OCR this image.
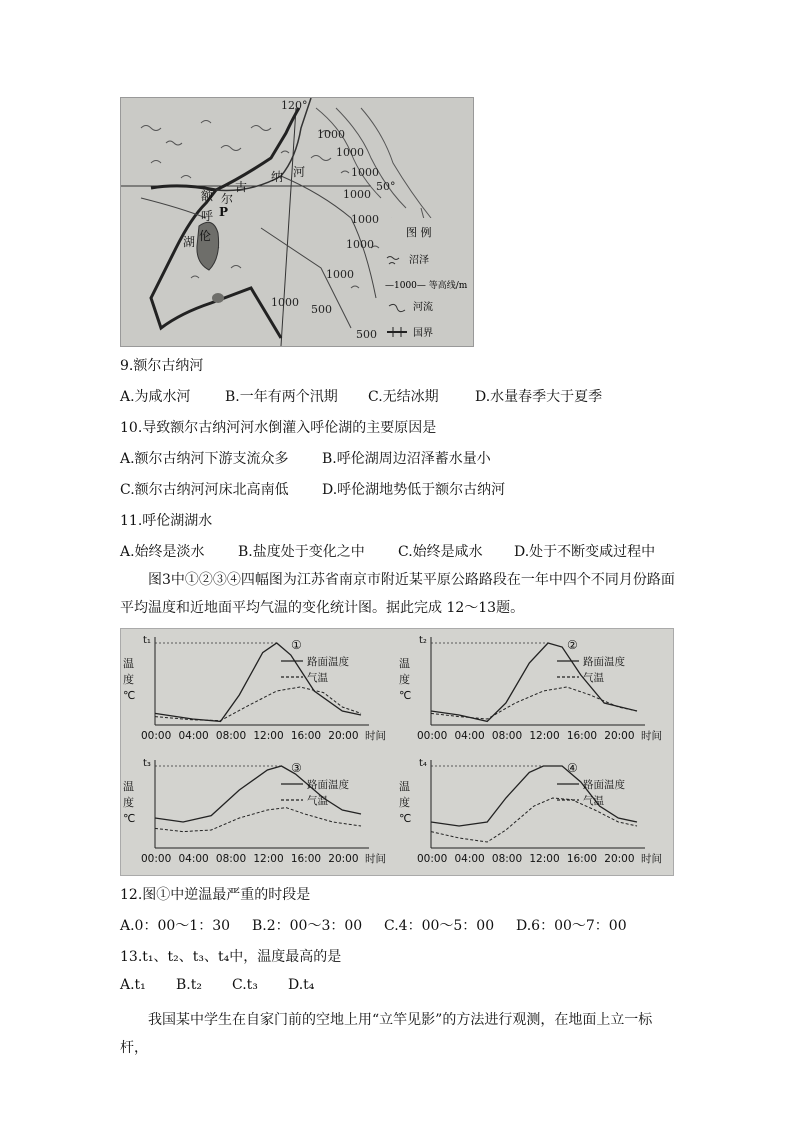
120°
50°
1000
1000
1000
1000
1000
1000
500
500
1000
1000
河
纳
古
尔
额
呼
伦
湖
P
图 例
沼泽
—1000— 等高线/m
河流
国界
9.额尔古纳河
A.为咸水河 B.一年有两个汛期 C.无结冰期	D.水量春季大于夏季
10.导致额尔古纳河河水倒灌入呼伦湖的主要原因是
A.额尔古纳河下游支流众多 B.呼伦湖周边沼泽蓄水量小
C.额尔古纳河河床北高南低 D.呼伦湖地势低于额尔古纳河
11.呼伦湖湖水
A.始终是淡水 B.盐度处于变化之中 C.始终是咸水 D.处于不断变咸过程中
图3中①②③④四幅图为江苏省南京市附近某平原公路路段在一年中四个不同月份路面平均温度和近地面平均气温的变化统计图。据此完成 12～13题。
t₁
温
度
℃
①
路面温度
气温
00:00 04:00 08:00 12:00 16:00 20:00 时间
t₂
温
度
℃
②
路面温度
气温
00:00 04:00 08:00 12:00 16:00 20:00 时间
t₃
温
度
℃
③
路面温度
气温
00:00 04:00 08:00 12:00 16:00 20:00 时间
t₄
温
度
℃
④
路面温度
气温
00:00 04:00 08:00 12:00 16:00 20:00 时间
12.图①中逆温最严重的时段是
A.0：00～1：30 B.2：00～3：00 C.4：00～5：00 D.6：00～7：00
13.t₁、t₂、t₃、t₄中，温度最高的是
A.t₁ B.t₂ C.t₃ D.t₄
我国某中学生在自家门前的空地上用“立竿见影”的方法进行观测，在地面上立一标杆，
